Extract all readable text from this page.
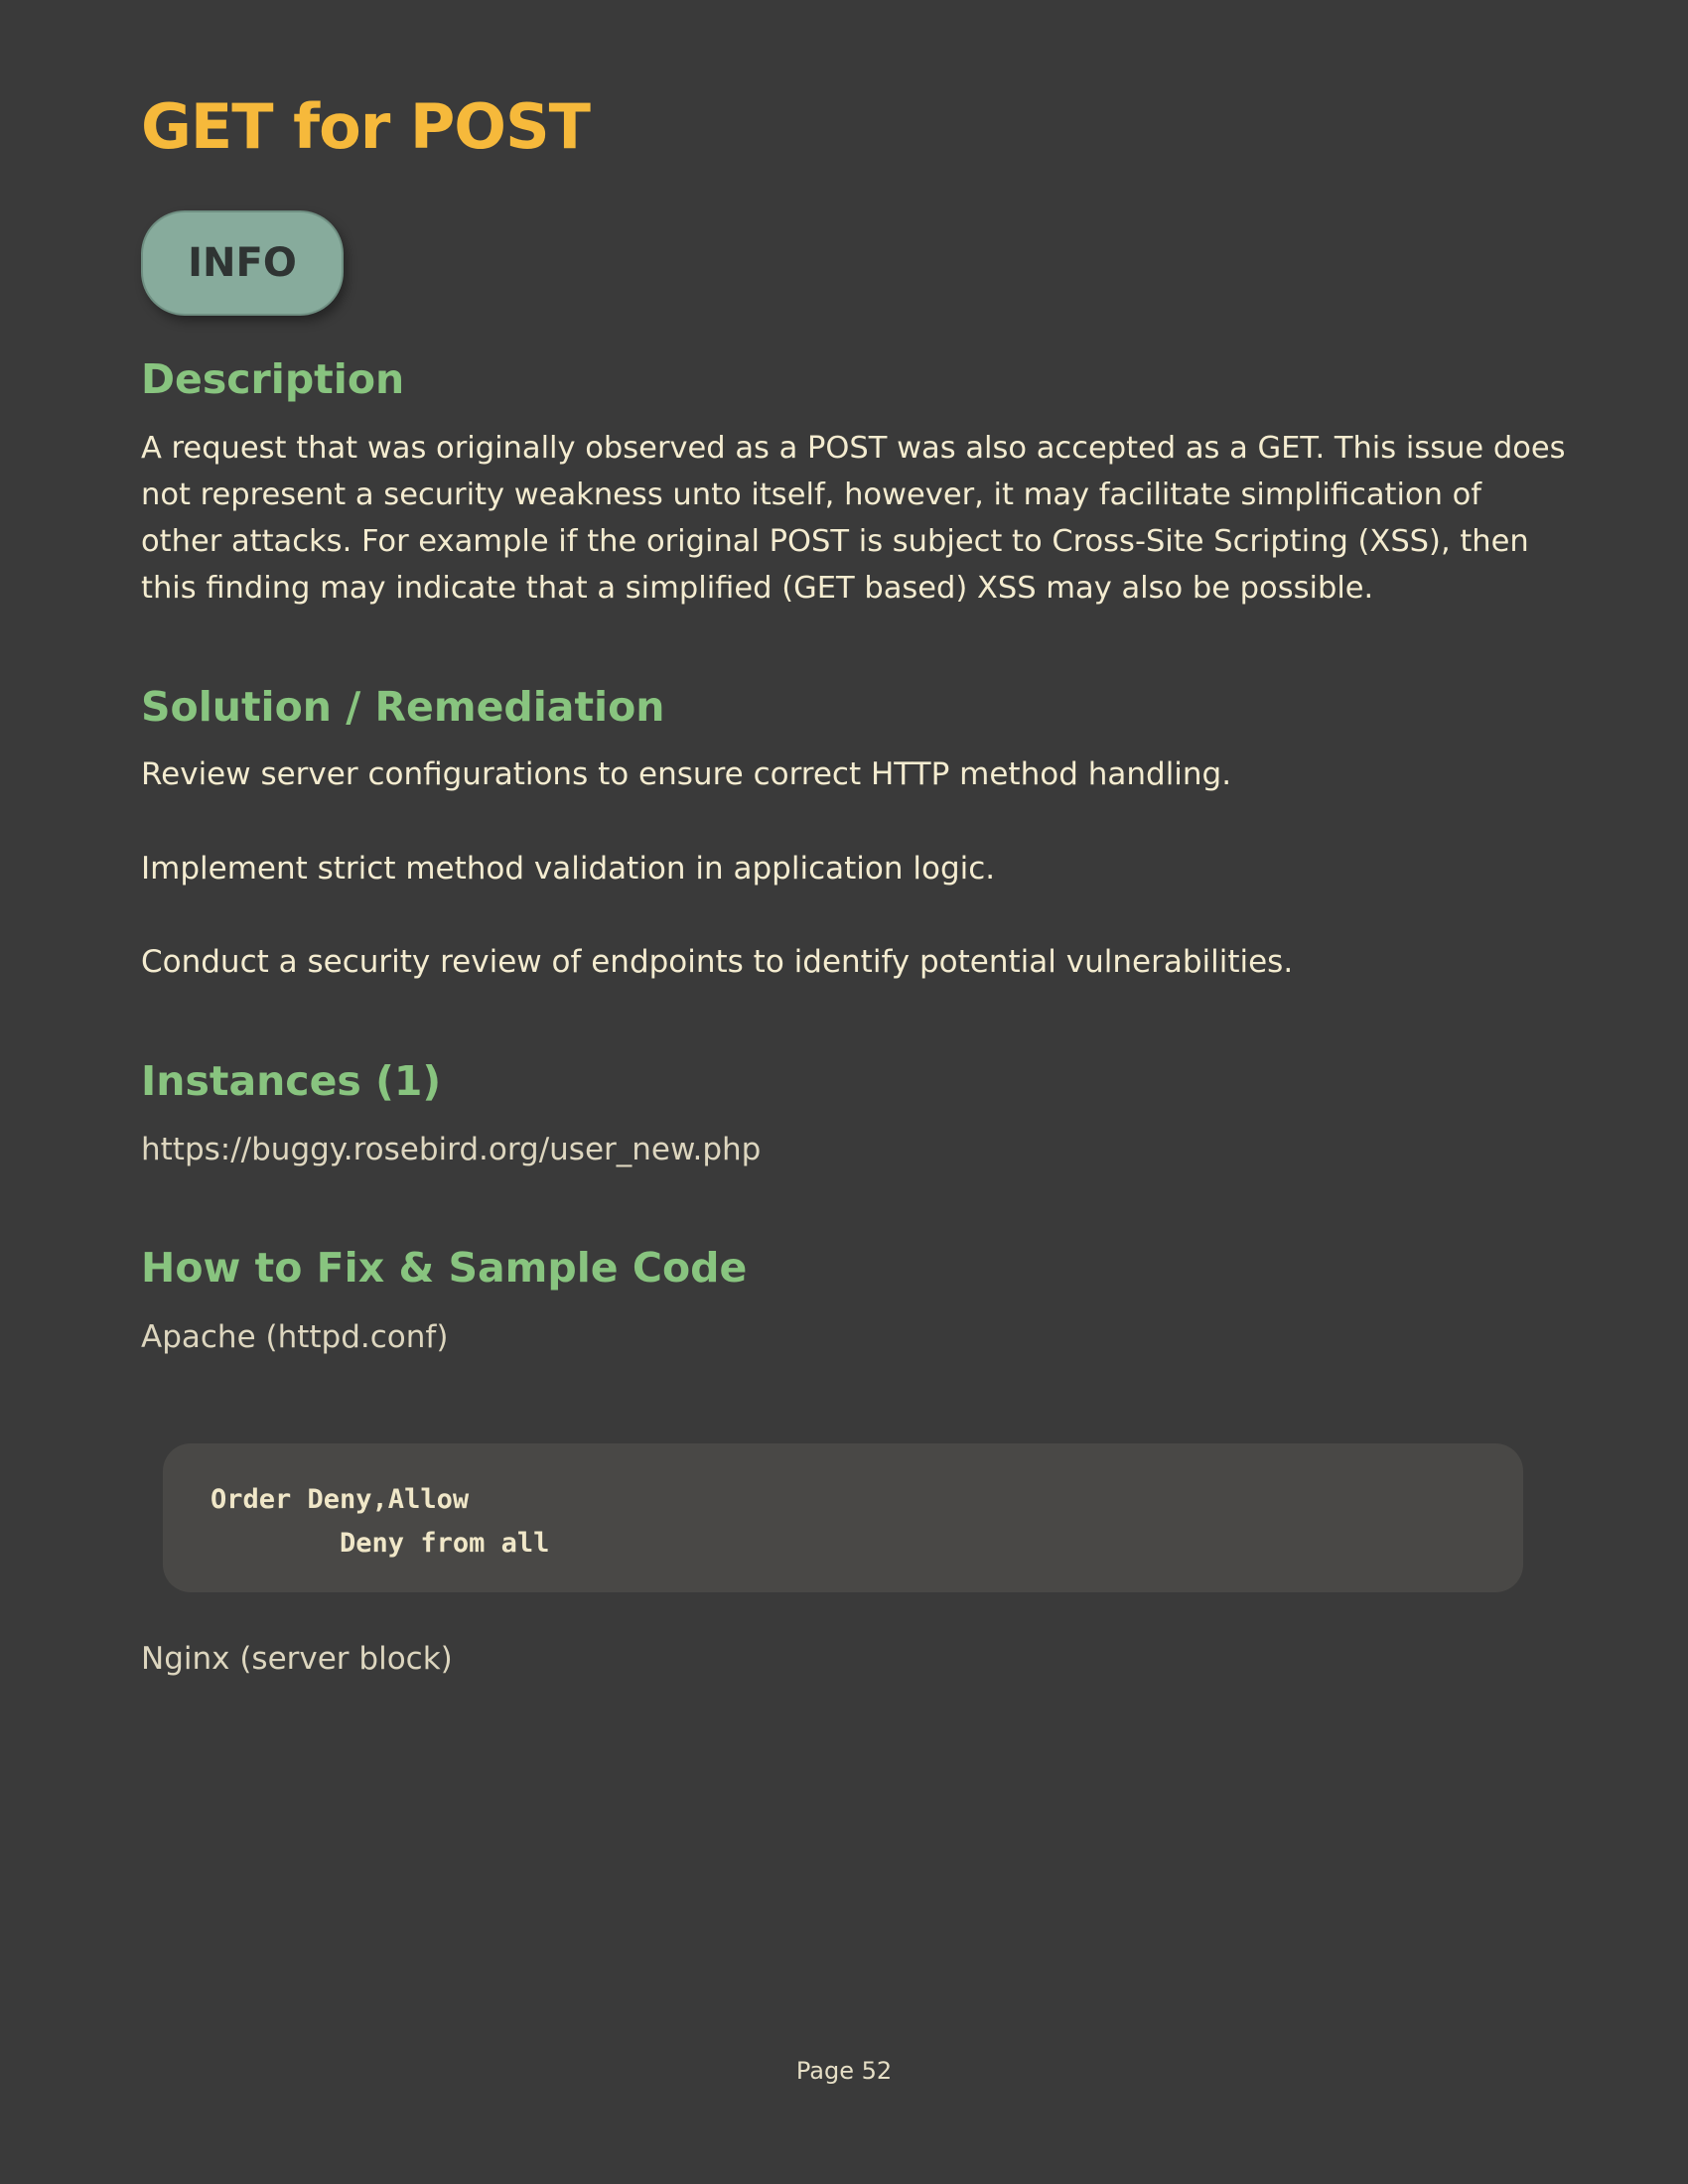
GET for POST
INFO
Description
A request that was originally observed as a POST was also accepted as a GET. This issue does
not represent a security weakness unto itself, however, it may facilitate simplification of
other attacks. For example if the original POST is subject to Cross-Site Scripting (XSS), then
this finding may indicate that a simplified (GET based) XSS may also be possible.
Solution / Remediation

Review server configurations to ensure correct HTTP method handling.

Implement strict method validation in application logic.

Conduct a security review of endpoints to identify potential vulnerabilities.

Instances (1)

https://buggy.rosebird.org/user_new.php

How to Fix & Sample Code

Apache (httpd.conf)

Order Deny,Allow
Deny from all

Nginx (server block)

Page 52
